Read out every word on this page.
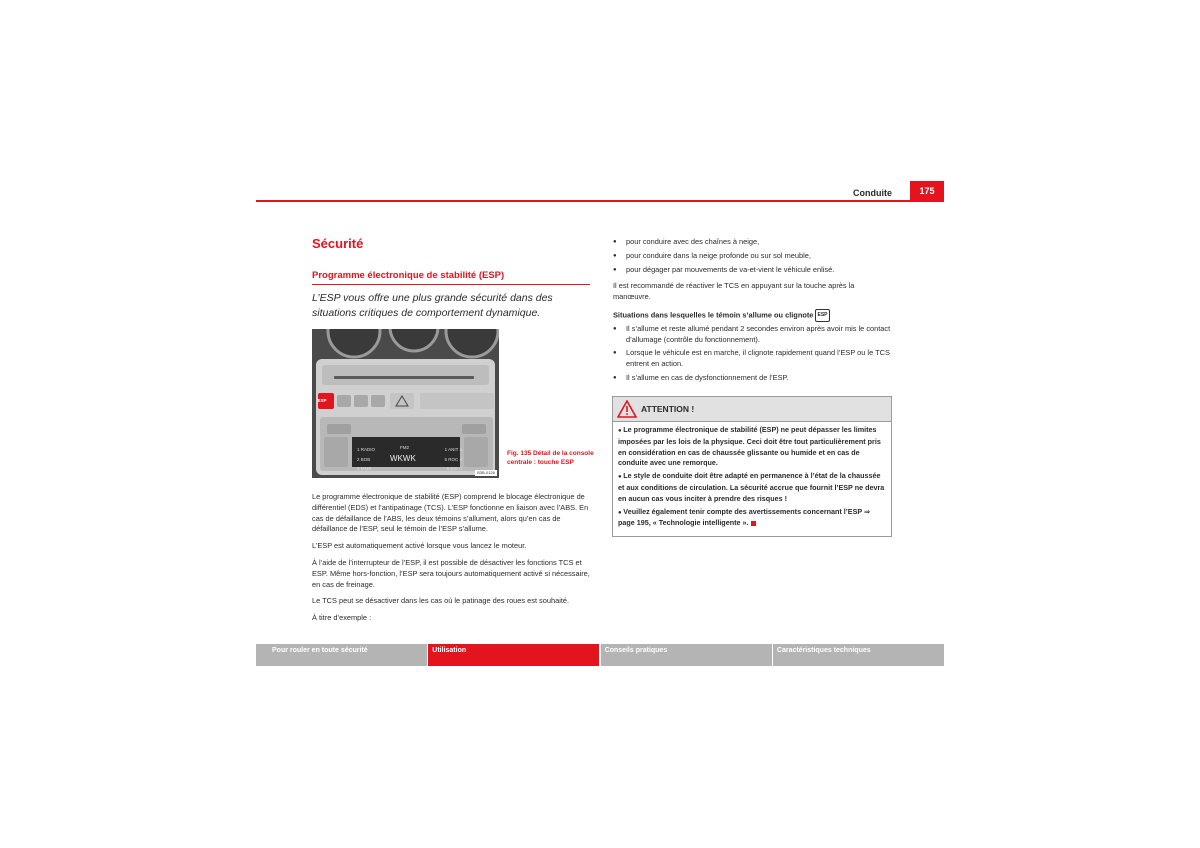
Conduite	175
Sécurité
Programme électronique de stabilité (ESP)
L’ESP vous offre une plus grande sécurité dans des situations critiques de comportement dynamique.
ESP
1 RADIO
2 BOB
3 MMB
FM2
WKWK
1 ANIT 4
5 ROC 4
6 BIG 4
B3B-0126
Fig. 135 Détail de la console centrale : touche ESP

Le programme électronique de stabilité (ESP) comprend le blocage électronique de différentiel (EDS) et l’antipatinage (TCS). L’ESP fonctionne en liaison avec l’ABS. En cas de défaillance de l’ABS, les deux témoins s’allument, alors qu’en cas de défaillance de l’ESP, seul le témoin de l’ESP s’allume.

L’ESP est automatiquement activé lorsque vous lancez le moteur.

À l’aide de l’interrupteur de l’ESP, il est possible de désactiver les fonctions TCS et ESP. Même hors-fonction, l’ESP sera toujours automatiquement activé si nécessaire, en cas de freinage.

Le TCS peut se désactiver dans les cas où le patinage des roues est souhaité.

À titre d’exemple :

● pour conduire avec des chaînes à neige,

● pour conduire dans la neige profonde ou sur sol meuble,

● pour dégager par mouvements de va-et-vient le véhicule enlisé.

Il est recommandé de réactiver le TCS en appuyant sur la touche après la manœuvre.

Situations dans lesquelles le témoin s’allume ou clignote ESP

● Il s’allume et reste allumé pendant 2 secondes environ après avoir mis le contact d’allumage (contrôle du fonctionnement).

● Lorsque le véhicule est en marche, il clignote rapidement quand l’ESP ou le TCS entrent en action.

● Il s’allume en cas de dysfonctionnement de l’ESP.

ATTENTION !

● Le programme électronique de stabilité (ESP) ne peut dépasser les limites imposées par les lois de la physique. Ceci doit être tout particulièrement pris en considération en cas de chaussée glissante ou humide et en cas de conduite avec une remorque.

● Le style de conduite doit être adapté en permanence à l’état de la chaussée et aux conditions de circulation. La sécurité accrue que fournit l’ESP ne devra en aucun cas vous inciter à prendre des risques !

● Veuillez également tenir compte des avertissements concernant l’ESP ⇒ page 195, « Technologie intelligente ».

Pour rouler en toute sécurité	Utilisation	Conseils pratiques	Caractéristiques techniques
